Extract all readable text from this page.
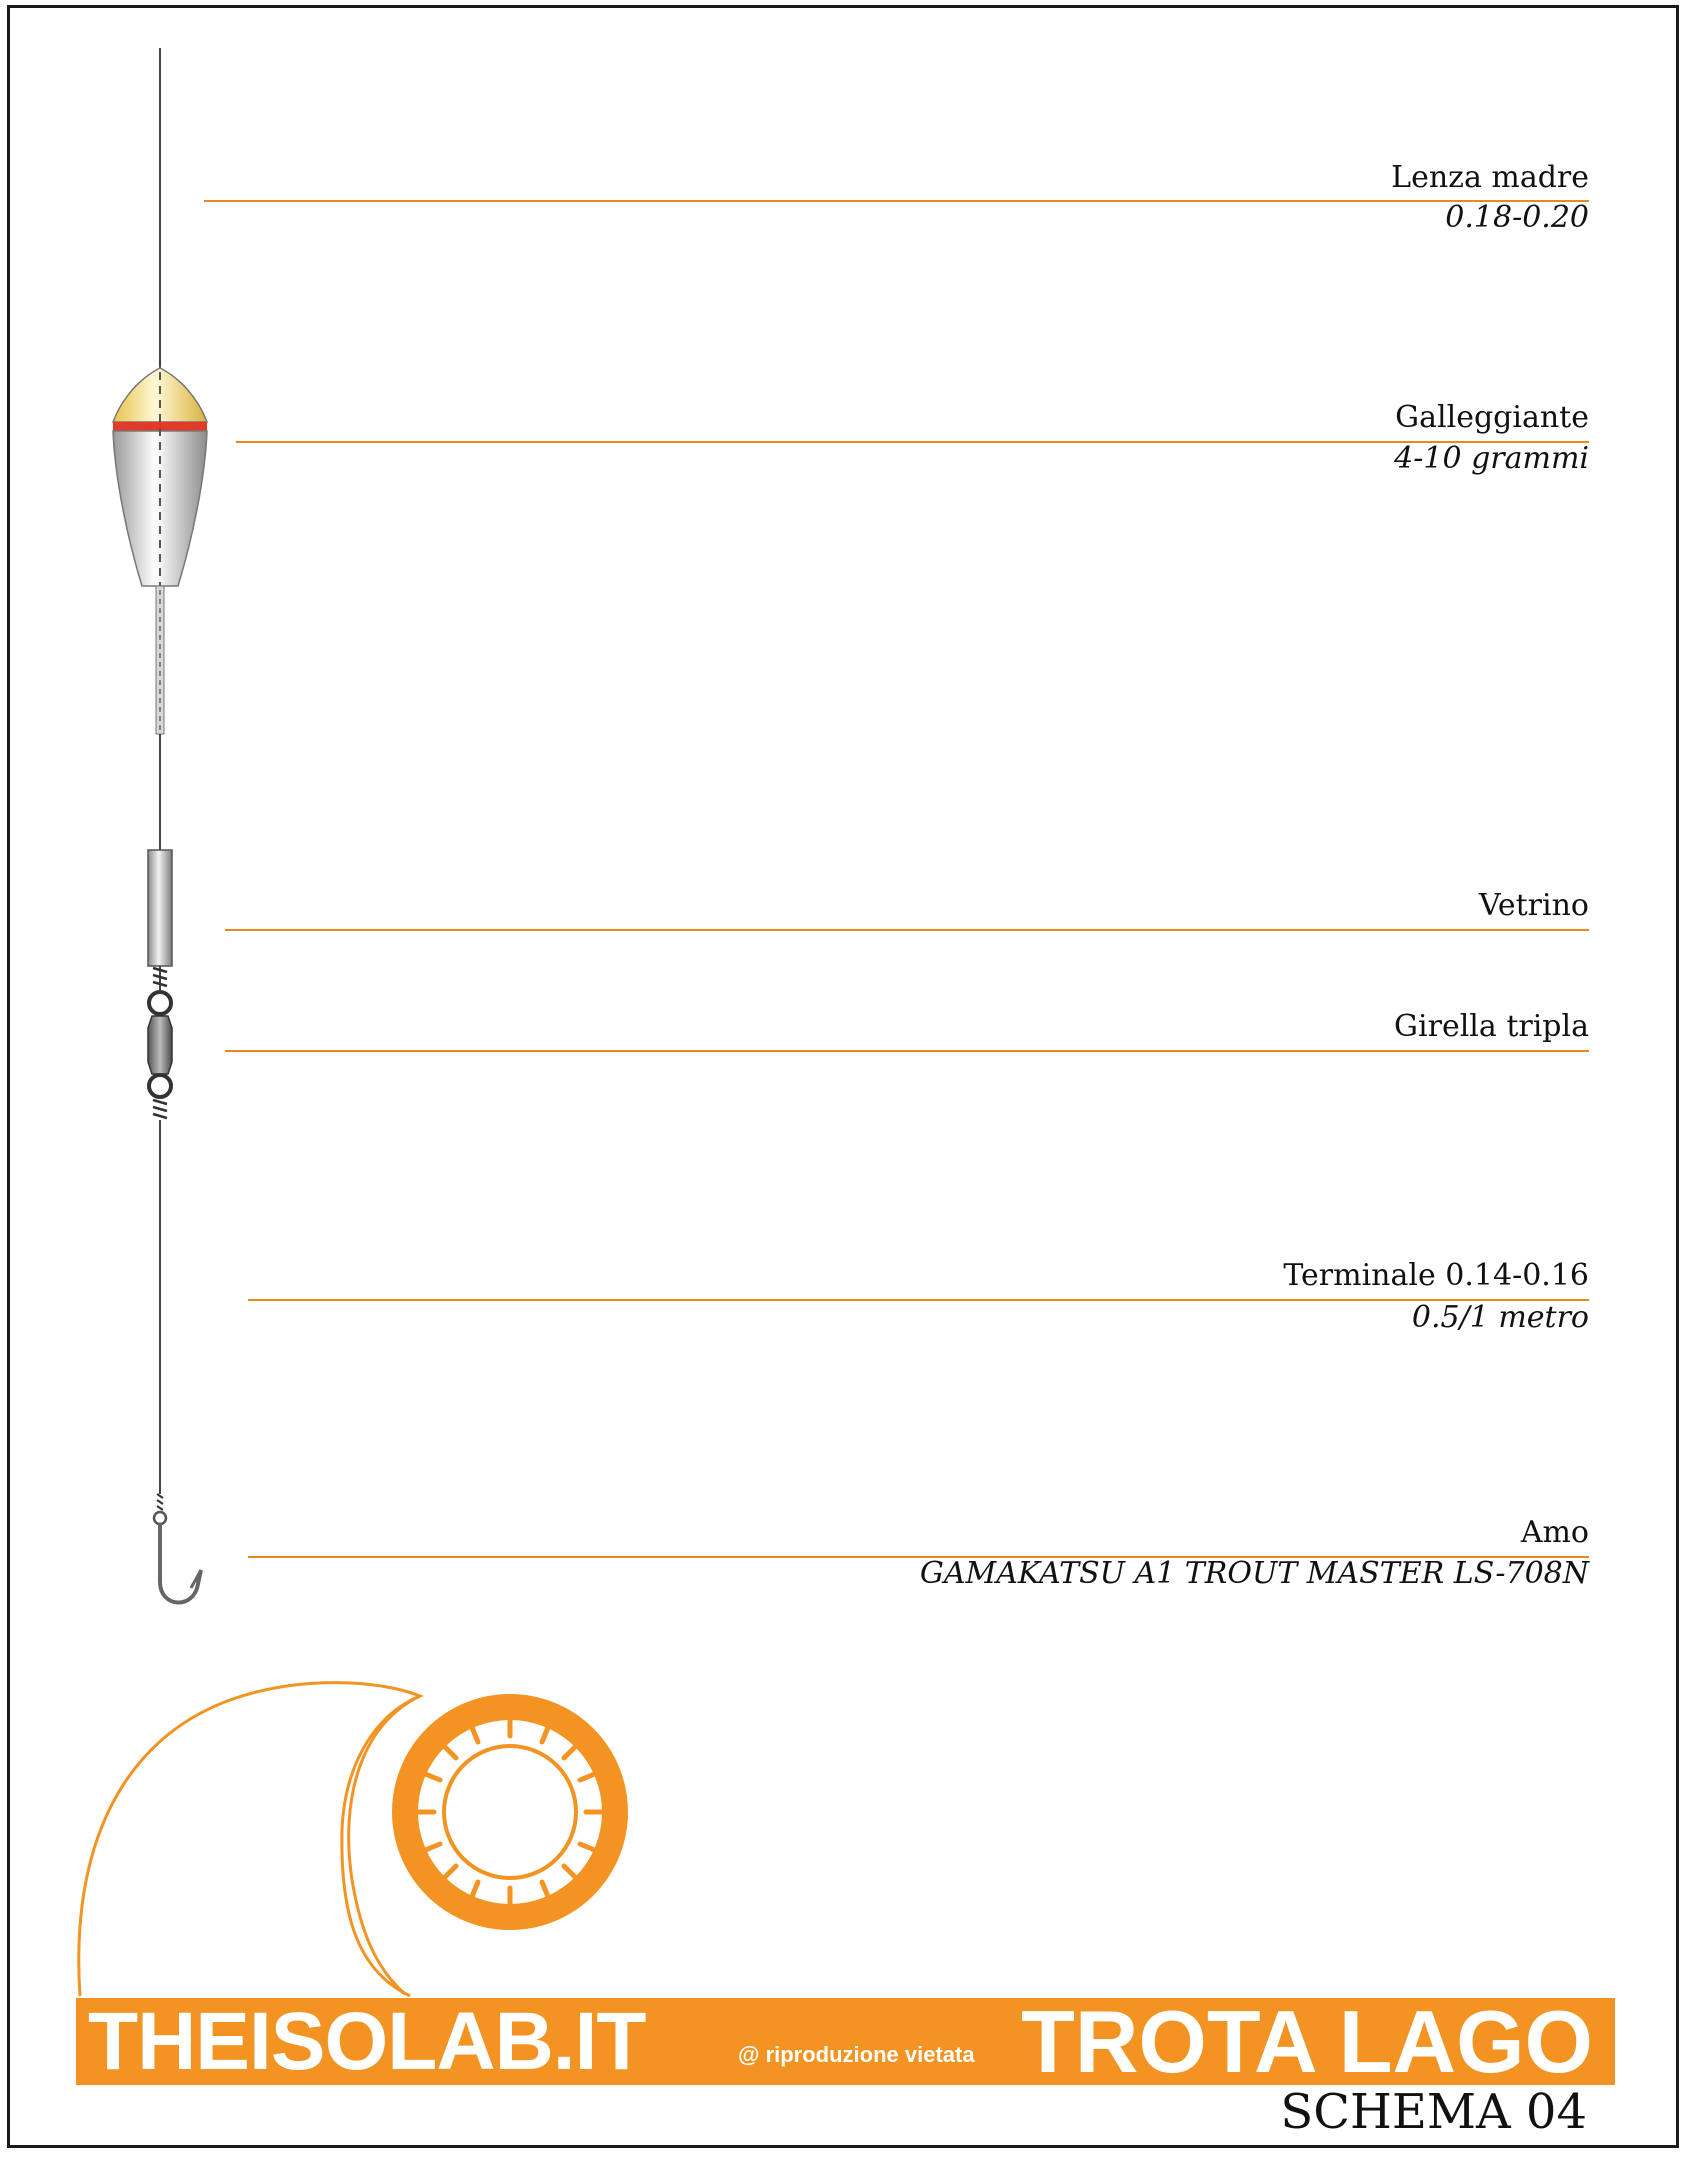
Lenza madre
0.18-0.20
Galleggiante
4-10 grammi
Vetrino
Girella tripla
Terminale 0.14-0.16
0.5/1 metro
Amo
GAMAKATSU A1 TROUT MASTER LS-708N
THEISOLAB.IT	@ riproduzione vietata TROTA LAGO
SCHEMA 04
